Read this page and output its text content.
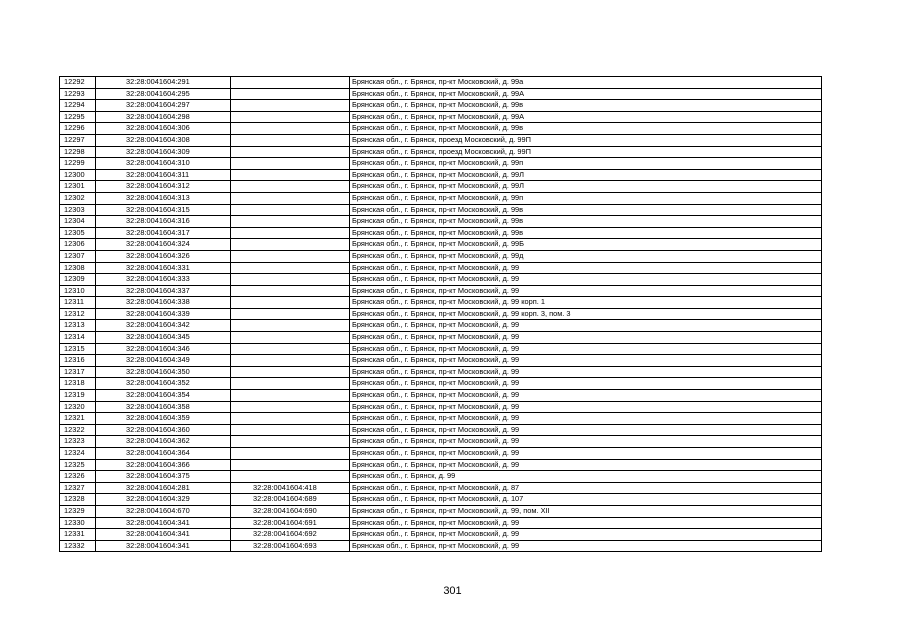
12292	32:28:0041604:291		Брянская обл., г. Брянск, пр-кт Московский, д. 99а
12293	32:28:0041604:295		Брянская обл., г. Брянск, пр-кт Московский, д. 99А
12294	32:28:0041604:297		Брянская обл., г. Брянск, пр-кт Московский, д. 99в
12295	32:28:0041604:298		Брянская обл., г. Брянск, пр-кт Московский, д. 99А
12296	32:28:0041604:306		Брянская обл., г. Брянск, пр-кт Московский, д. 99в
12297	32:28:0041604:308		Брянская обл., г. Брянск, проезд Московский, д. 99П
12298	32:28:0041604:309		Брянская обл., г. Брянск, проезд Московский, д. 99П
12299	32:28:0041604:310		Брянская обл., г. Брянск, пр-кт Московский, д. 99п
12300	32:28:0041604:311		Брянская обл., г. Брянск, пр-кт Московский, д. 99Л
12301	32:28:0041604:312		Брянская обл., г. Брянск, пр-кт Московский, д. 99Л
12302	32:28:0041604:313		Брянская обл., г. Брянск, пр-кт Московский, д. 99п
12303	32:28:0041604:315		Брянская обл., г. Брянск, пр-кт Московский, д. 99в
12304	32:28:0041604:316		Брянская обл., г. Брянск, пр-кт Московский, д. 99в
12305	32:28:0041604:317		Брянская обл., г. Брянск, пр-кт Московский, д. 99в
12306	32:28:0041604:324		Брянская обл., г. Брянск, пр-кт Московский, д. 99Б
12307	32:28:0041604:326		Брянская обл., г. Брянск, пр-кт Московский, д. 99д
12308	32:28:0041604:331		Брянская обл., г. Брянск, пр-кт Московский, д. 99
12309	32:28:0041604:333		Брянская обл., г. Брянск, пр-кт Московский, д. 99
12310	32:28:0041604:337		Брянская обл., г. Брянск, пр-кт Московский, д. 99
12311	32:28:0041604:338		Брянская обл., г. Брянск, пр-кт Московский, д. 99 корп. 1
12312	32:28:0041604:339		Брянская обл., г. Брянск, пр-кт Московский, д. 99 корп. 3, пом. 3
12313	32:28:0041604:342		Брянская обл., г. Брянск, пр-кт Московский, д. 99
12314	32:28:0041604:345		Брянская обл., г. Брянск, пр-кт Московский, д. 99
12315	32:28:0041604:346		Брянская обл., г. Брянск, пр-кт Московский, д. 99
12316	32:28:0041604:349		Брянская обл., г. Брянск, пр-кт Московский, д. 99
12317	32:28:0041604:350		Брянская обл., г. Брянск, пр-кт Московский, д. 99
12318	32:28:0041604:352		Брянская обл., г. Брянск, пр-кт Московский, д. 99
12319	32:28:0041604:354		Брянская обл., г. Брянск, пр-кт Московский, д. 99
12320	32:28:0041604:358		Брянская обл., г. Брянск, пр-кт Московский, д. 99
12321	32:28:0041604:359		Брянская обл., г. Брянск, пр-кт Московский, д. 99
12322	32:28:0041604:360		Брянская обл., г. Брянск, пр-кт Московский, д. 99
12323	32:28:0041604:362		Брянская обл., г. Брянск, пр-кт Московский, д. 99
12324	32:28:0041604:364		Брянская обл., г. Брянск, пр-кт Московский, д. 99
12325	32:28:0041604:366		Брянская обл., г. Брянск, пр-кт Московский, д. 99
12326	32:28:0041604:375		Брянская обл., г. Брянск, д. 99
12327	32:28:0041604:281	32:28:0041604:418	Брянская обл., г. Брянск, пр-кт Московский, д. 87
12328	32:28:0041604:329	32:28:0041604:689	Брянская обл., г. Брянск, пр-кт Московский, д. 107
12329	32:28:0041604:670	32:28:0041604:690	Брянская обл., г. Брянск, пр-кт Московский, д. 99, пом. XII
12330	32:28:0041604:341	32:28:0041604:691	Брянская обл., г. Брянск, пр-кт Московский, д. 99
12331	32:28:0041604:341	32:28:0041604:692	Брянская обл., г. Брянск, пр-кт Московский, д. 99
12332	32:28:0041604:341	32:28:0041604:693	Брянская обл., г. Брянск, пр-кт Московский, д. 99
301
